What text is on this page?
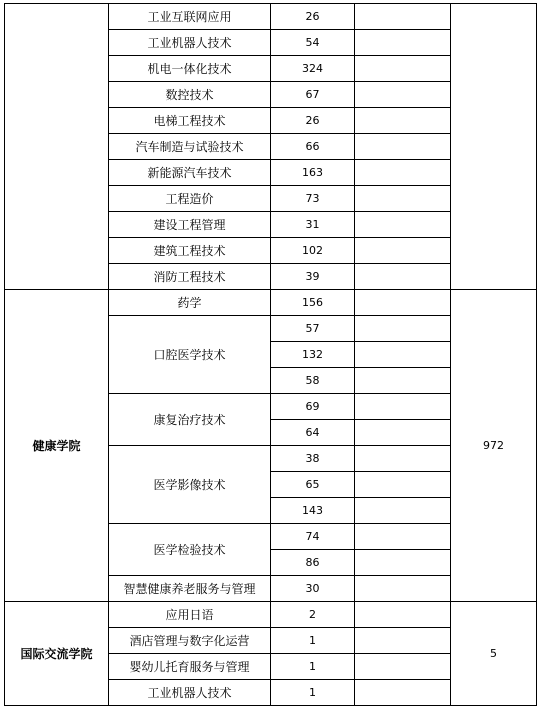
	工业互联网应用	26		
	工业机器人技术	54		
	机电一体化技术	324		
	数控技术	67		
	电梯工程技术	26		
	汽车制造与试验技术	66		
	新能源汽车技术	163		
	工程造价	73		
	建设工程管理	31		
	建筑工程技术	102		
	消防工程技术	39		
健康学院	药学	156		972
	口腔医学技术	57		
		132		
		58		
	康复治疗技术	69		
		64		
	医学影像技术	38		
		65		
		143		
	医学检验技术	74		
		86		
	智慧健康养老服务与管理	30		
国际交流学院	应用日语	2		5
	酒店管理与数字化运营	1		
	婴幼儿托育服务与管理	1		
	工业机器人技术	1		
